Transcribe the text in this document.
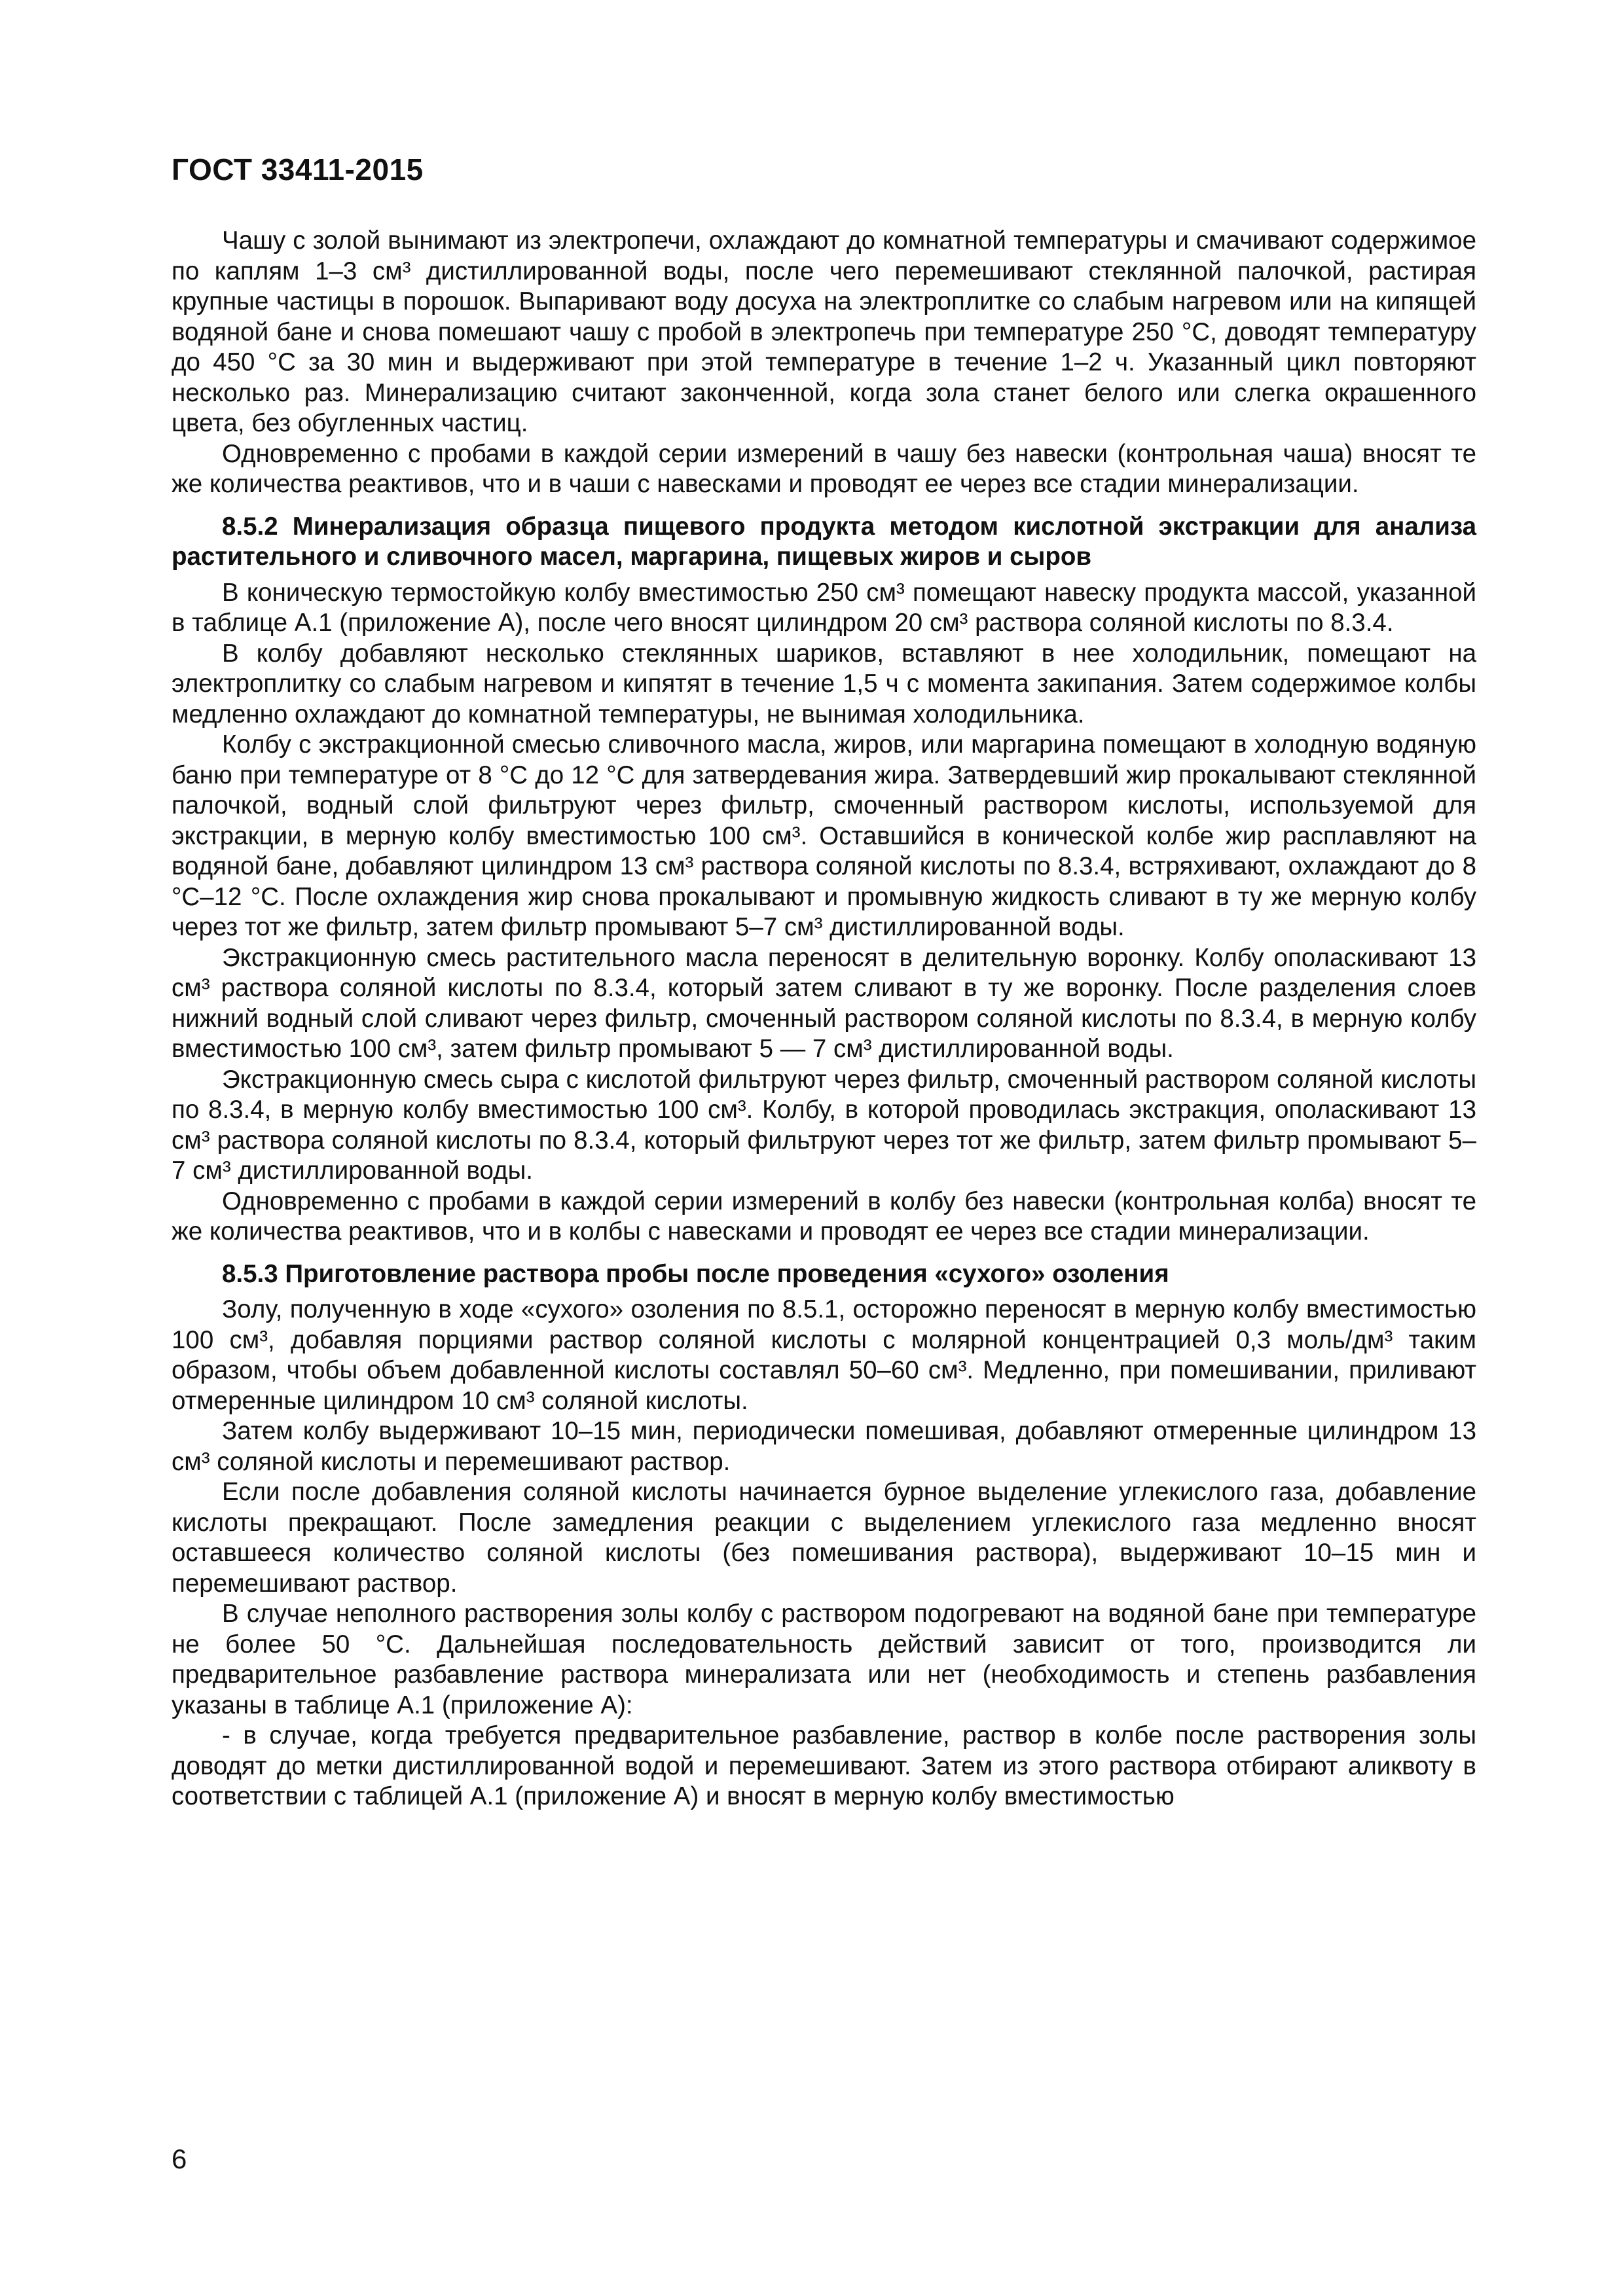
ГОСТ 33411-2015

Чашу с золой вынимают из электропечи, охлаждают до комнатной температуры и смачивают содержимое по каплям 1–3 см³ дистиллированной воды, после чего перемешивают стеклянной палочкой, растирая крупные частицы в порошок. Выпаривают воду досуха на электроплитке со слабым нагревом или на кипящей водяной бане и снова помешают чашу с пробой в электропечь при температуре 250 °С, доводят температуру до 450 °С за 30 мин и выдерживают при этой температуре в течение 1–2 ч. Указанный цикл повторяют несколько раз. Минерализацию считают законченной, когда зола станет белого или слегка окрашенного цвета, без обугленных частиц.

Одновременно с пробами в каждой серии измерений в чашу без навески (контрольная чаша) вносят те же количества реактивов, что и в чаши с навесками и проводят ее через все стадии минерализации.

8.5.2 Минерализация образца пищевого продукта методом кислотной экстракции для анализа растительного и сливочного масел, маргарина, пищевых жиров и сыров

В коническую термостойкую колбу вместимостью 250 см³ помещают навеску продукта массой, указанной в таблице А.1 (приложение А), после чего вносят цилиндром 20 см³ раствора соляной кислоты по 8.3.4.

В колбу добавляют несколько стеклянных шариков, вставляют в нее холодильник, помещают на электроплитку со слабым нагревом и кипятят в течение 1,5 ч с момента закипания. Затем содержимое колбы медленно охлаждают до комнатной температуры, не вынимая холодильника.

Колбу с экстракционной смесью сливочного масла, жиров, или маргарина помещают в холодную водяную баню при температуре от 8 °С до 12 °С для затвердевания жира. Затвердевший жир прокалывают стеклянной палочкой, водный слой фильтруют через фильтр, смоченный раствором кислоты, используемой для экстракции, в мерную колбу вместимостью 100 см³. Оставшийся в конической колбе жир расплавляют на водяной бане, добавляют цилиндром 13 см³ раствора соляной кислоты по 8.3.4, встряхивают, охлаждают до 8 °С–12 °С. После охлаждения жир снова прокалывают и промывную жидкость сливают в ту же мерную колбу через тот же фильтр, затем фильтр промывают 5–7 см³ дистиллированной воды.

Экстракционную смесь растительного масла переносят в делительную воронку. Колбу ополаскивают 13 см³ раствора соляной кислоты по 8.3.4, который затем сливают в ту же воронку. После разделения слоев нижний водный слой сливают через фильтр, смоченный раствором соляной кислоты по 8.3.4, в мерную колбу вместимостью 100 см³, затем фильтр промывают 5 — 7 см³ дистиллированной воды.

Экстракционную смесь сыра с кислотой фильтруют через фильтр, смоченный раствором соляной кислоты по 8.3.4, в мерную колбу вместимостью 100 см³. Колбу, в которой проводилась экстракция, ополаскивают 13 см³ раствора соляной кислоты по 8.3.4, который фильтруют через тот же фильтр, затем фильтр промывают 5–7 см³ дистиллированной воды.

Одновременно с пробами в каждой серии измерений в колбу без навески (контрольная колба) вносят те же количества реактивов, что и в колбы с навесками и проводят ее через все стадии минерализации.

8.5.3 Приготовление раствора пробы после проведения «сухого» озоления

Золу, полученную в ходе «сухого» озоления по 8.5.1, осторожно переносят в мерную колбу вместимостью 100 см³, добавляя порциями раствор соляной кислоты с молярной концентрацией 0,3 моль/дм³ таким образом, чтобы объем добавленной кислоты составлял 50–60 см³. Медленно, при помешивании, приливают отмеренные цилиндром 10 см³ соляной кислоты.

Затем колбу выдерживают 10–15 мин, периодически помешивая, добавляют отмеренные цилиндром 13 см³ соляной кислоты и перемешивают раствор.

Если после добавления соляной кислоты начинается бурное выделение углекислого газа, добавление кислоты прекращают. После замедления реакции с выделением углекислого газа медленно вносят оставшееся количество соляной кислоты (без помешивания раствора), выдерживают 10–15 мин и перемешивают раствор.

В случае неполного растворения золы колбу с раствором подогревают на водяной бане при температуре не более 50 °С. Дальнейшая последовательность действий зависит от того, производится ли предварительное разбавление раствора минерализата или нет (необходимость и степень разбавления указаны в таблице А.1 (приложение А):

- в случае, когда требуется предварительное разбавление, раствор в колбе после растворения золы доводят до метки дистиллированной водой и перемешивают. Затем из этого раствора отбирают аликвоту в соответствии с таблицей А.1 (приложение А) и вносят в мерную колбу вместимостью

6
